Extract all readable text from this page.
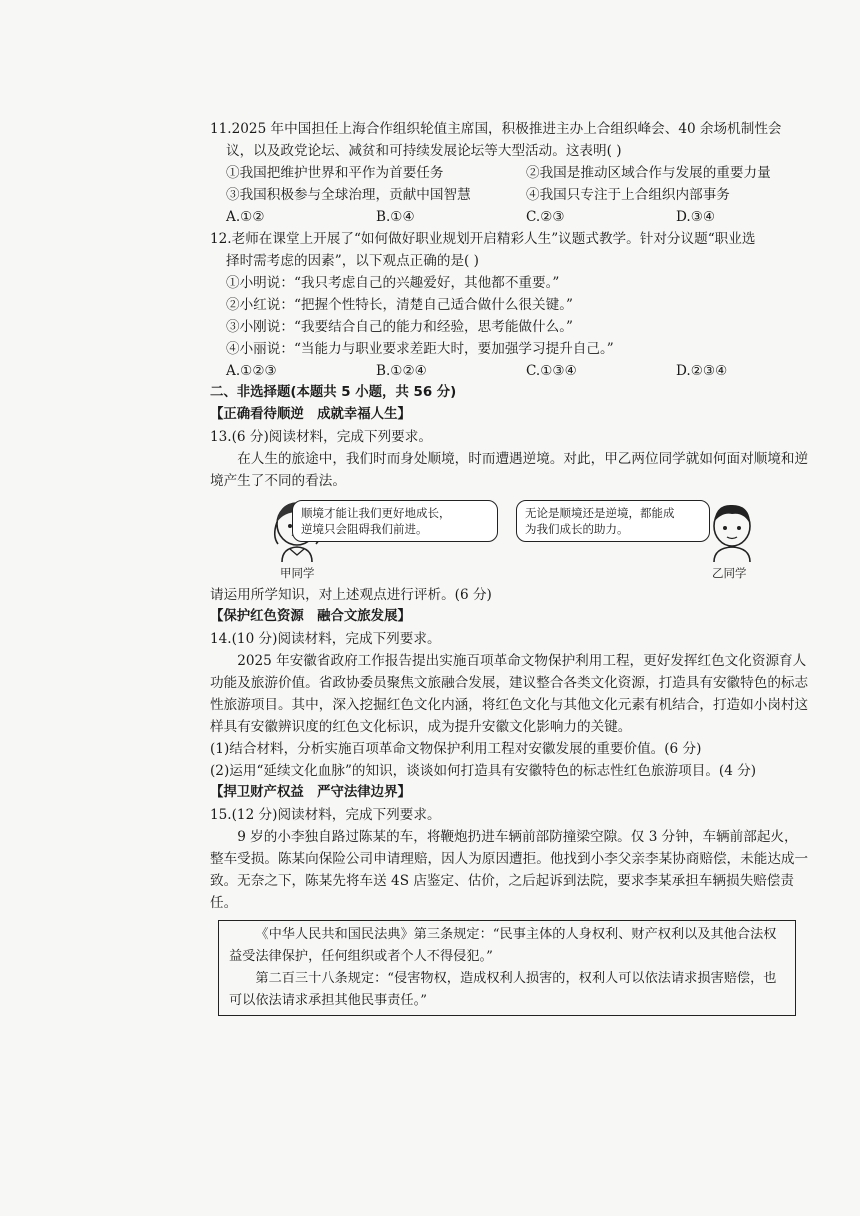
11.2025 年中国担任上海合作组织轮值主席国，积极推进主办上合组织峰会、40 余场机制性会
议，以及政党论坛、减贫和可持续发展论坛等大型活动。这表明( )
①我国把维护世界和平作为首要任务	②我国是推动区域合作与发展的重要力量
③我国积极参与全球治理，贡献中国智慧	④我国只专注于上合组织内部事务
A.①②	B.①④	C.②③	D.③④
12.老师在课堂上开展了“如何做好职业规划开启精彩人生”议题式教学。针对分议题“职业选
择时需考虑的因素”，以下观点正确的是( )
①小明说：“我只考虑自己的兴趣爱好，其他都不重要。”
②小红说：“把握个性特长，清楚自己适合做什么很关键。”
③小刚说：“我要结合自己的能力和经验，思考能做什么。”
④小丽说：“当能力与职业要求差距大时，要加强学习提升自己。”
A.①②③	B.①②④	C.①③④	D.②③④
二、非选择题(本题共 5 小题，共 56 分)
【正确看待顺逆　成就幸福人生】
13.(6 分)阅读材料，完成下列要求。
在人生的旅途中，我们时而身处顺境，时而遭遇逆境。对此，甲乙两位同学就如何面对顺境和逆境产生了不同的看法。
顺境才能让我们更好地成长，
逆境只会阻碍我们前进。
无论是顺境还是逆境，都能成
为我们成长的助力。
甲同学	乙同学
请运用所学知识，对上述观点进行评析。(6 分)
【保护红色资源　融合文旅发展】
14.(10 分)阅读材料，完成下列要求。
2025 年安徽省政府工作报告提出实施百项革命文物保护利用工程，更好发挥红色文化资源育人功能及旅游价值。省政协委员聚焦文旅融合发展，建议整合各类文化资源，打造具有安徽特色的标志性旅游项目。其中，深入挖掘红色文化内涵，将红色文化与其他文化元素有机结合，打造如小岗村这样具有安徽辨识度的红色文化标识，成为提升安徽文化影响力的关键。
(1)结合材料，分析实施百项革命文物保护利用工程对安徽发展的重要价值。(6 分)
(2)运用“延续文化血脉”的知识，谈谈如何打造具有安徽特色的标志性红色旅游项目。(4 分)
【捍卫财产权益　严守法律边界】
15.(12 分)阅读材料，完成下列要求。
9 岁的小李独自路过陈某的车，将鞭炮扔进车辆前部防撞梁空隙。仅 3 分钟，车辆前部起火，整车受损。陈某向保险公司申请理赔，因人为原因遭拒。他找到小李父亲李某协商赔偿，未能达成一致。无奈之下，陈某先将车送 4S 店鉴定、估价，之后起诉到法院，要求李某承担车辆损失赔偿责任。
《中华人民共和国民法典》第三条规定：“民事主体的人身权利、财产权利以及其他合法权益受法律保护，任何组织或者个人不得侵犯。”
第二百三十八条规定：“侵害物权，造成权利人损害的，权利人可以依法请求损害赔偿，也可以依法请求承担其他民事责任。”
